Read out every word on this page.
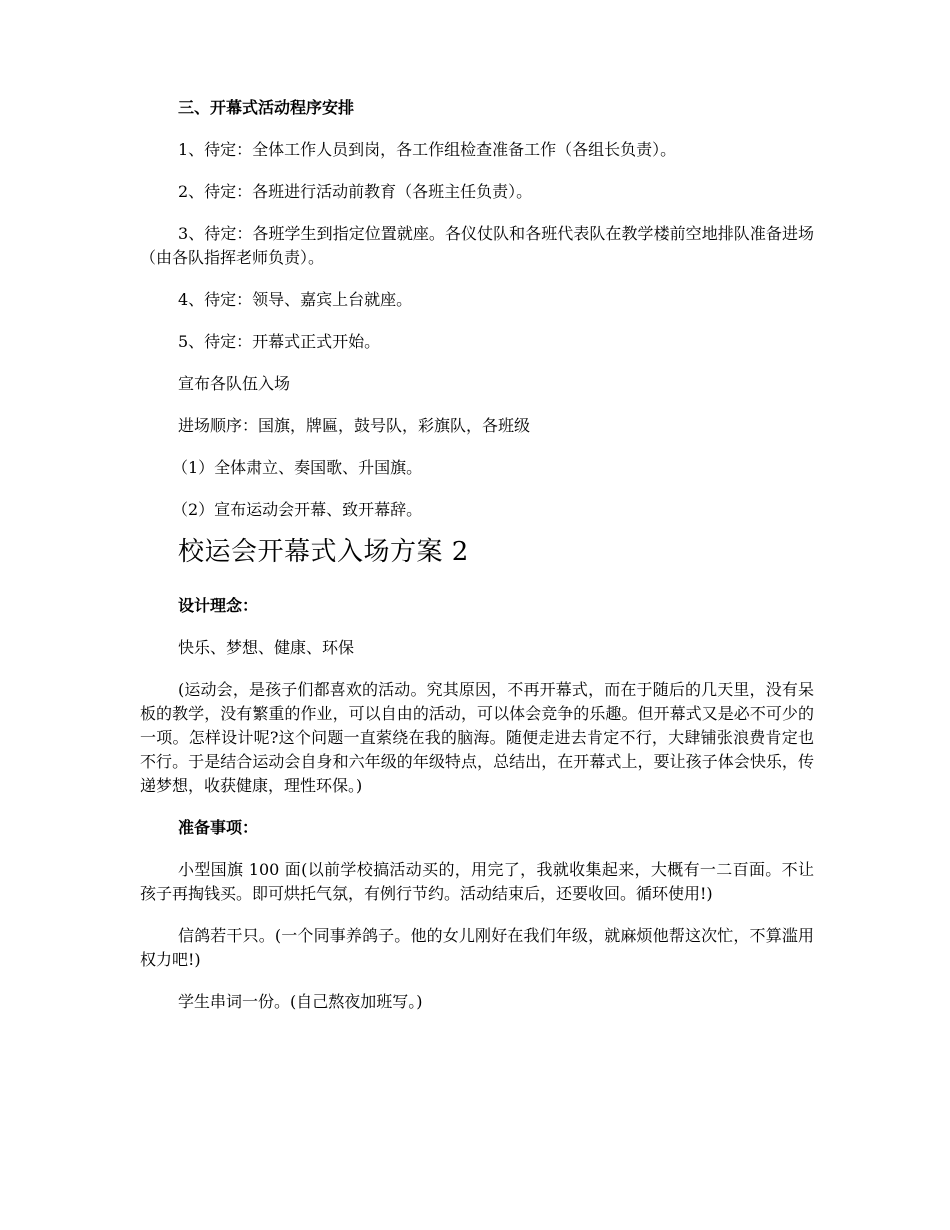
三、开幕式活动程序安排
1、待定：全体工作人员到岗，各工作组检查准备工作（各组长负责）。
2、待定：各班进行活动前教育（各班主任负责）。
3、待定：各班学生到指定位置就座。各仪仗队和各班代表队在教学楼前空地排队准备进场（由各队指挥老师负责）。
4、待定：领导、嘉宾上台就座。
5、待定：开幕式正式开始。
宣布各队伍入场
进场顺序：国旗，牌匾，鼓号队，彩旗队，各班级
（1）全体肃立、奏国歌、升国旗。
（2）宣布运动会开幕、致开幕辞。
校运会开幕式入场方案 2
设计理念：
快乐、梦想、健康、环保
(运动会，是孩子们都喜欢的活动。究其原因，不再开幕式，而在于随后的几天里，没有呆板的教学，没有繁重的作业，可以自由的活动，可以体会竞争的乐趣。但开幕式又是必不可少的一项。怎样设计呢?这个问题一直萦绕在我的脑海。随便走进去肯定不行，大肆铺张浪费肯定也不行。于是结合运动会自身和六年级的年级特点，总结出，在开幕式上，要让孩子体会快乐，传递梦想，收获健康，理性环保。)
准备事项：
小型国旗 100 面(以前学校搞活动买的，用完了，我就收集起来，大概有一二百面。不让孩子再掏钱买。即可烘托气氛，有例行节约。活动结束后，还要收回。循环使用!)
信鸽若干只。(一个同事养鸽子。他的女儿刚好在我们年级，就麻烦他帮这次忙，不算滥用权力吧!)
学生串词一份。(自己熬夜加班写。)
